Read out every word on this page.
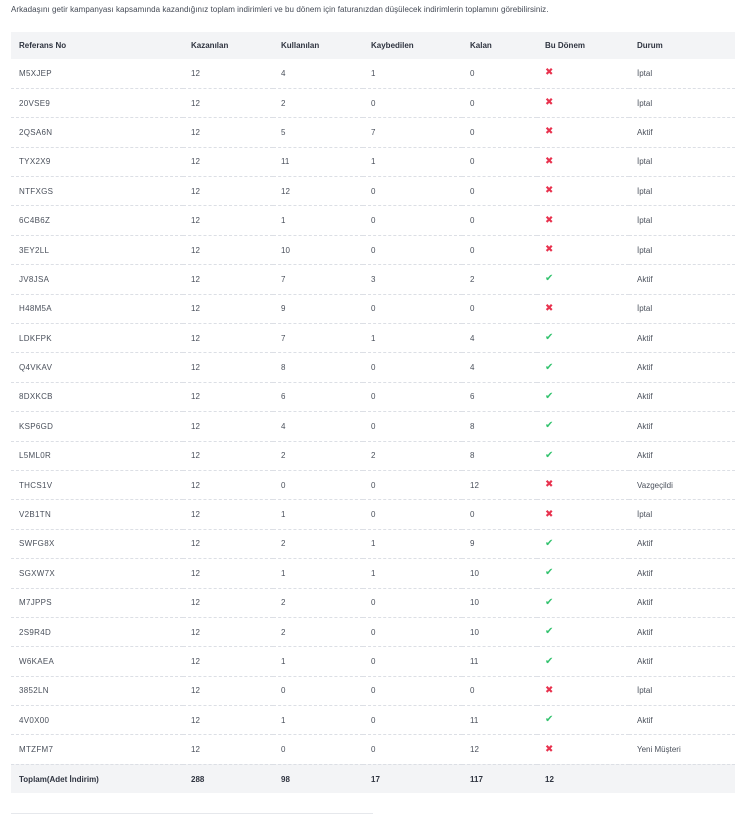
Arkadaşını getir kampanyası kapsamında kazandığınız toplam indirimleri ve bu dönem için faturanızdan düşülecek indirimlerin toplamını görebilirsiniz.
Referans No	Kazanılan	Kullanılan	Kaybedilen	Kalan	Bu Dönem	Durum
M5XJEP	12	4	1	0	✖	İptal
20VSE9	12	2	0	0	✖	İptal
2QSA6N	12	5	7	0	✖	Aktif
TYX2X9	12	11	1	0	✖	İptal
NTFXGS	12	12	0	0	✖	İptal
6C4B6Z	12	1	0	0	✖	İptal
3EY2LL	12	10	0	0	✖	İptal
JV8JSA	12	7	3	2	✔	Aktif
H48M5A	12	9	0	0	✖	İptal
LDKFPK	12	7	1	4	✔	Aktif
Q4VKAV	12	8	0	4	✔	Aktif
8DXKCB	12	6	0	6	✔	Aktif
KSP6GD	12	4	0	8	✔	Aktif
L5ML0R	12	2	2	8	✔	Aktif
THCS1V	12	0	0	12	✖	Vazgeçildi
V2B1TN	12	1	0	0	✖	İptal
SWFG8X	12	2	1	9	✔	Aktif
SGXW7X	12	1	1	10	✔	Aktif
M7JPPS	12	2	0	10	✔	Aktif
2S9R4D	12	2	0	10	✔	Aktif
W6KAEA	12	1	0	11	✔	Aktif
3852LN	12	0	0	0	✖	İptal
4V0X00	12	1	0	11	✔	Aktif
MTZFM7	12	0	0	12	✖	Yeni Müşteri
Toplam(Adet İndirim)	288	98	17	117	12	
